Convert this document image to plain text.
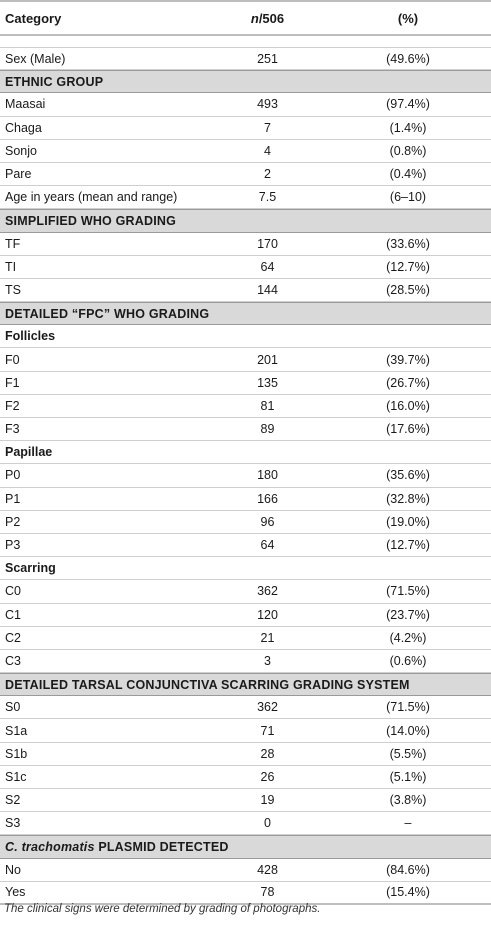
Category	n/506	(%)
Sex (Male)	251	(49.6%)
ETHNIC GROUP
Maasai	493	(97.4%)
Chaga	7	(1.4%)
Sonjo	4	(0.8%)
Pare	2	(0.4%)
Age in years (mean and range)	7.5	(6–10)
SIMPLIFIED WHO GRADING
TF	170	(33.6%)
TI	64	(12.7%)
TS	144	(28.5%)
DETAILED “FPC” WHO GRADING
Follicles
F0	201	(39.7%)
F1	135	(26.7%)
F2	81	(16.0%)
F3	89	(17.6%)
Papillae
P0	180	(35.6%)
P1	166	(32.8%)
P2	96	(19.0%)
P3	64	(12.7%)
Scarring
C0	362	(71.5%)
C1	120	(23.7%)
C2	21	(4.2%)
C3	3	(0.6%)
DETAILED TARSAL CONJUNCTIVA SCARRING GRADING SYSTEM
S0	362	(71.5%)
S1a	71	(14.0%)
S1b	28	(5.5%)
S1c	26	(5.1%)
S2	19	(3.8%)
S3	0	–
C. trachomatis PLASMID DETECTED
No	428	(84.6%)
Yes	78	(15.4%)
The clinical signs were determined by grading of photographs.
